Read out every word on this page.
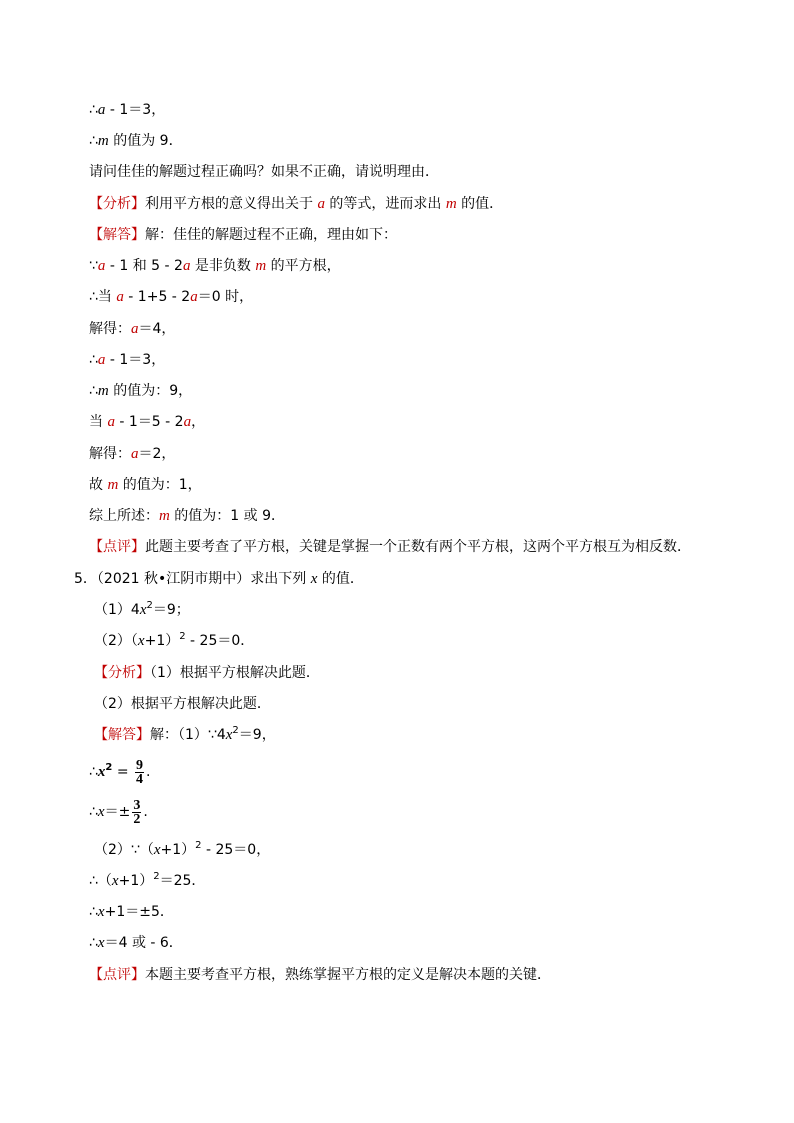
∴a - 1＝3，
∴m 的值为 9．
请问佳佳的解题过程正确吗？如果不正确，请说明理由．
【分析】利用平方根的意义得出关于 a 的等式，进而求出 m 的值．
【解答】解：佳佳的解题过程不正确，理由如下：
∵a - 1 和 5 - 2a 是非负数 m 的平方根，
∴当 a - 1+5 - 2a＝0 时，
解得：a＝4，
∴a - 1＝3，
∴m 的值为：9，
当 a - 1＝5 - 2a，
解得：a＝2，
故 m 的值为：1，
综上所述：m 的值为：1 或 9．
【点评】此题主要考查了平方根，关键是掌握一个正数有两个平方根，这两个平方根互为相反数．
5．（2021 秋•江阴市期中）求出下列 x 的值．
$(1)4x^2=9$；
$(2)(x+1)^2 - 25=0$．
【分析】（1）根据平方根解决此题．
（2）根据平方根解决此题．
【解答】解：$(1)\because 4x^2=9$，
$\therefore x^2 = \frac{9}{4}$ .
∴x＝± $\frac{3}{2}$ .
$(2)\because(x+1)^2 - 25=0$，
$\therefore(x+1)^2=25$．
∴x+1＝±5．
∴x＝4 或 - 6．
【点评】本题主要考查平方根，熟练掌握平方根的定义是解决本题的关键．
